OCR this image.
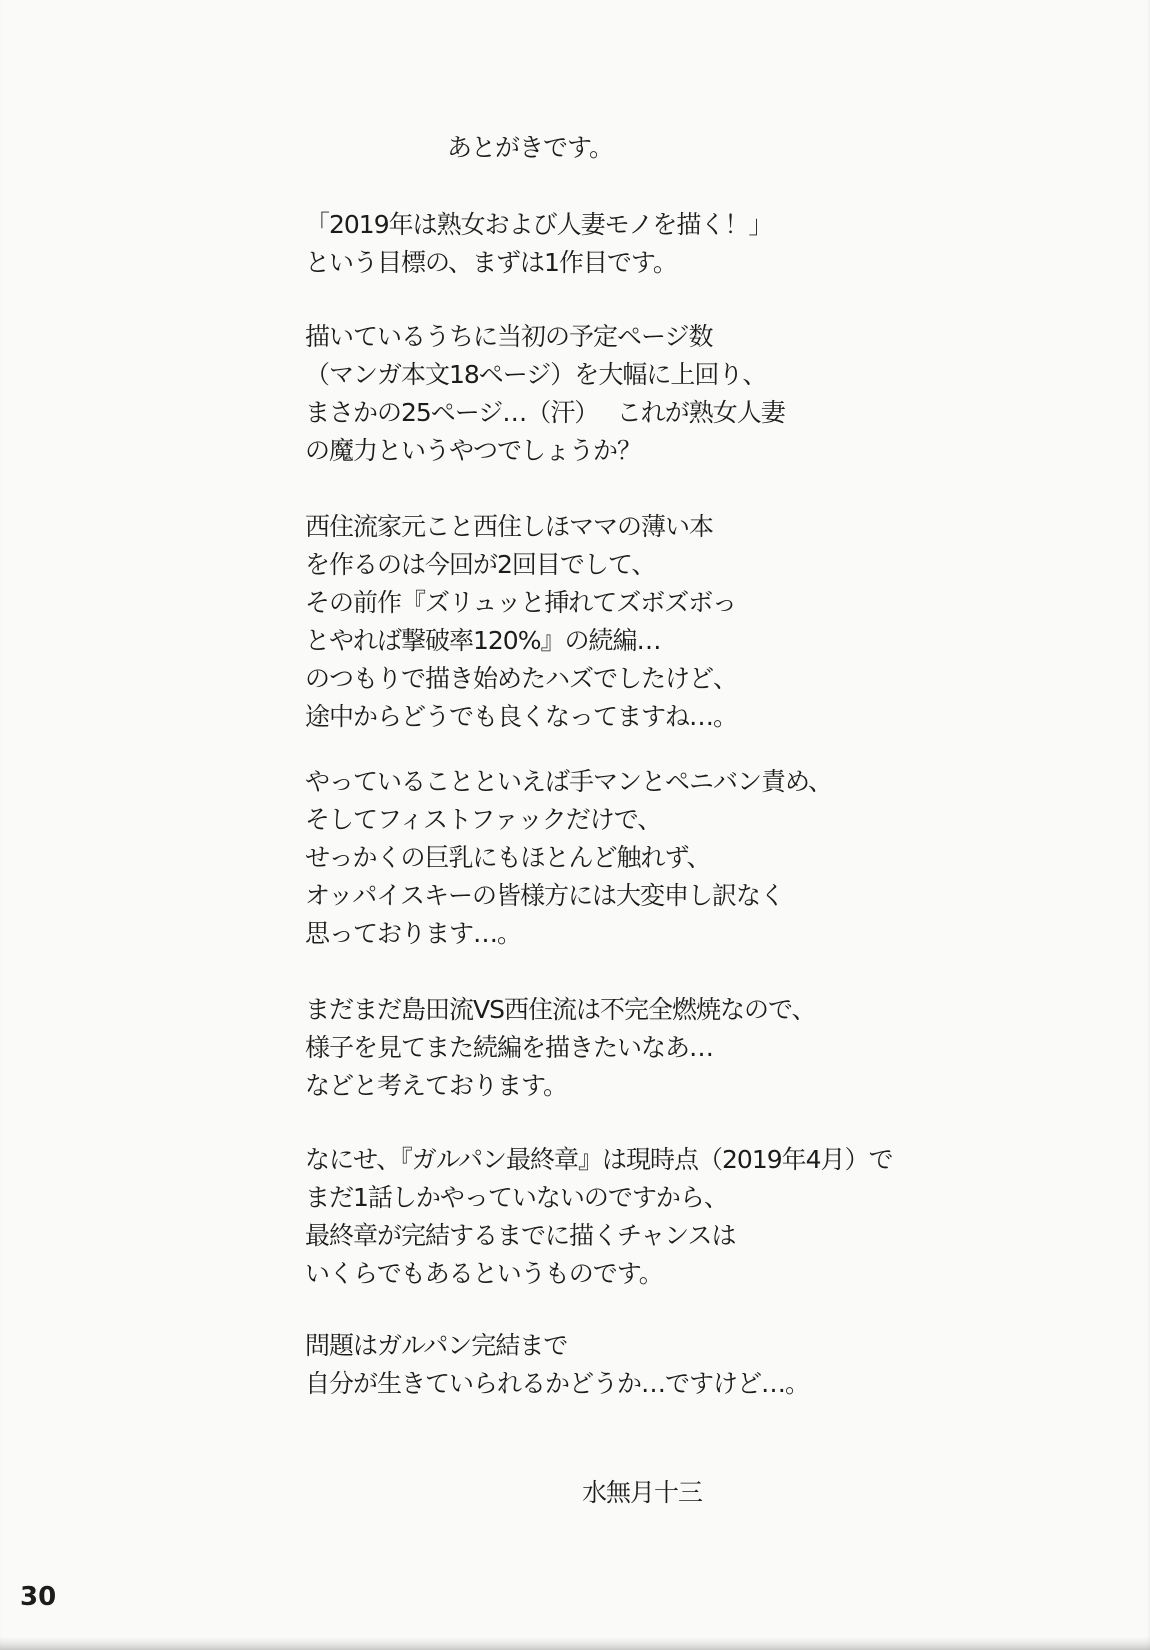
あとがきです。
「2019年は熟女および人妻モノを描く！」
という目標の、まずは1作目です。
描いているうちに当初の予定ページ数
（マンガ本文18ページ）を大幅に上回り、
まさかの25ページ…（汗）　 これが熟女人妻
の魔力というやつでしょうか？
西住流家元こと西住しほママの薄い本
を作るのは今回が2回目でして、
その前作『ズリュッと挿れてズボズボっ
とやれば撃破率120%』の続編…
のつもりで描き始めたハズでしたけど、
途中からどうでも良くなってますね…。
やっていることといえば手マンとペニバン責め、
そしてフィストファックだけで、
せっかくの巨乳にもほとんど触れず、
オッパイスキーの皆様方には大変申し訳なく
思っております…。
まだまだ島田流VS西住流は不完全燃焼なので、
様子を見てまた続編を描きたいなあ…
などと考えております。
なにせ、『ガルパン最終章』は現時点（2019年4月）で
まだ1話しかやっていないのですから、
最終章が完結するまでに描くチャンスは
いくらでもあるというものです。
問題はガルパン完結まで
自分が生きていられるかどうか…ですけど…。
水無月十三
30
